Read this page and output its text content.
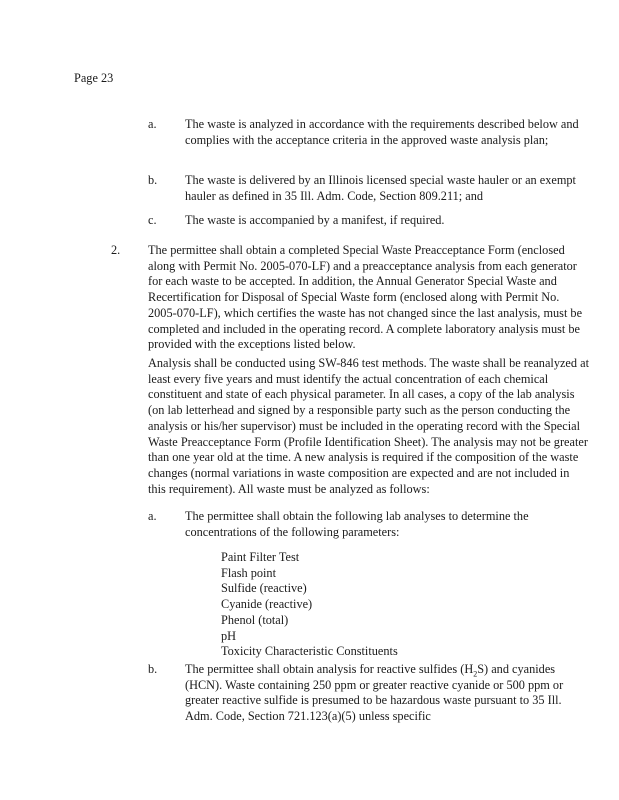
Page 23
a. The waste is analyzed in accordance with the requirements described below and complies with the acceptance criteria in the approved waste analysis plan;

b. The waste is delivered by an Illinois licensed special waste hauler or an exempt hauler as defined in 35 Ill. Adm. Code, Section 809.211; and

c. The waste is accompanied by a manifest, if required.

2. The permittee shall obtain a completed Special Waste Preacceptance Form (enclosed along with Permit No. 2005-070-LF) and a preacceptance analysis from each generator for each waste to be accepted. In addition, the Annual Generator Special Waste and Recertification for Disposal of Special Waste form (enclosed along with Permit No. 2005-070-LF), which certifies the waste has not changed since the last analysis, must be completed and included in the operating record. A complete laboratory analysis must be provided with the exceptions listed below.

Analysis shall be conducted using SW-846 test methods. The waste shall be reanalyzed at least every five years and must identify the actual concentration of each chemical constituent and state of each physical parameter. In all cases, a copy of the lab analysis (on lab letterhead and signed by a responsible party such as the person conducting the analysis or his/her supervisor) must be included in the operating record with the Special Waste Preacceptance Form (Profile Identification Sheet). The analysis may not be greater than one year old at the time. A new analysis is required if the composition of the waste changes (normal variations in waste composition are expected and are not included in this requirement). All waste must be analyzed as follows:

a. The permittee shall obtain the following lab analyses to determine the concentrations of the following parameters:

Paint Filter Test
Flash point
Sulfide (reactive)
Cyanide (reactive)
Phenol (total)
pH
Toxicity Characteristic Constituents
b. The permittee shall obtain analysis for reactive sulfides $(H_2S)$ and cyanides (HCN). Waste containing 250 ppm or greater reactive cyanide or 500 ppm or greater reactive sulfide is presumed to be hazardous waste pursuant to 35 Ill. Adm. Code, Section 721.123(a)(5) unless specific
